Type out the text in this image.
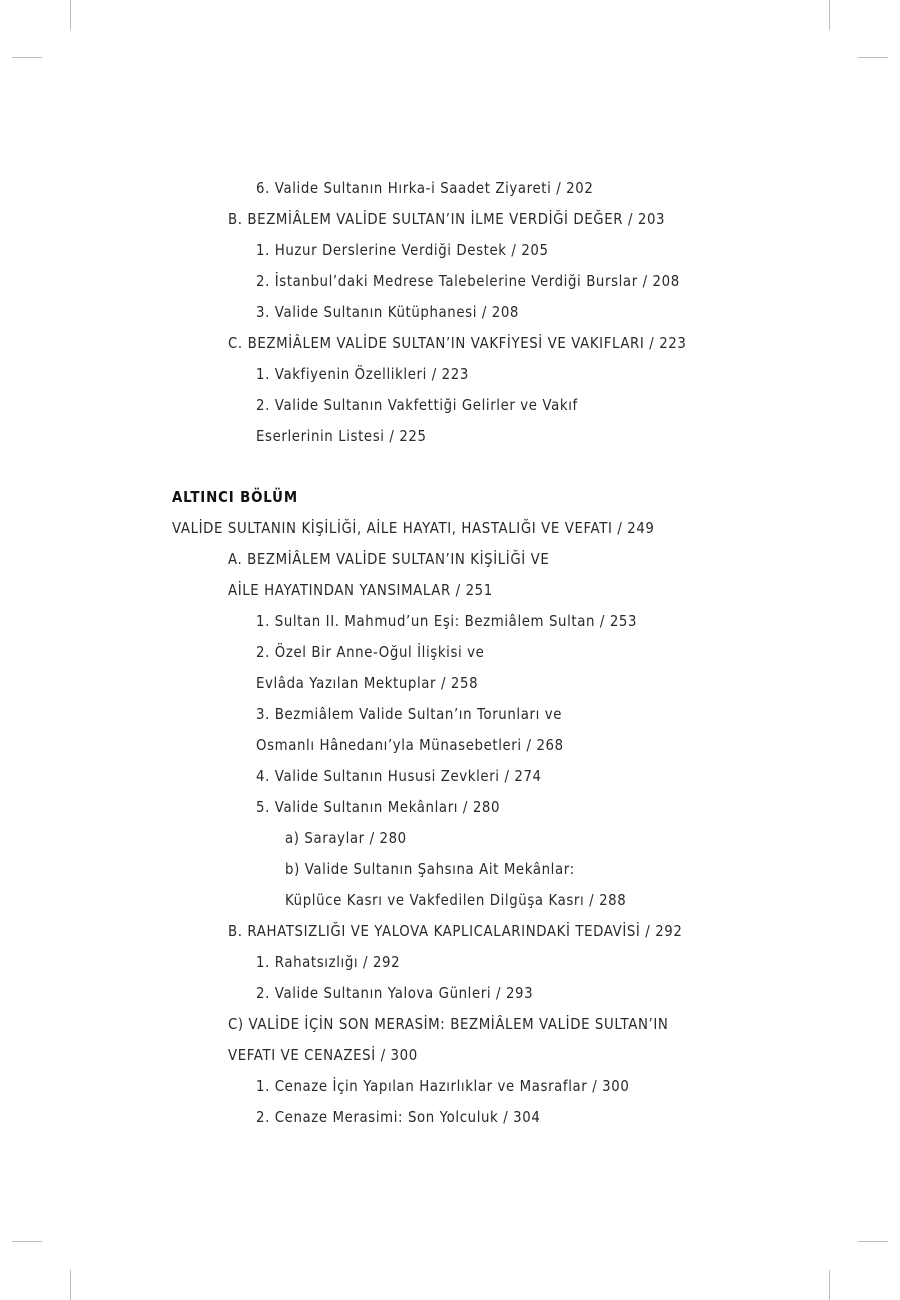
6. Valide Sultanın Hırka-i Saadet Ziyareti / 202
B. BEZMİÂLEM VALİDE SULTAN’IN İLME VERDİĞİ DEĞER / 203
1. Huzur Derslerine Verdiği Destek / 205
2. İstanbul’daki Medrese Talebelerine Verdiği Burslar / 208
3. Valide Sultanın Kütüphanesi / 208
C. BEZMİÂLEM VALİDE SULTAN’IN VAKFİYESİ VE VAKIFLARI / 223
1. Vakfiyenin Özellikleri / 223
2. Valide Sultanın Vakfettiği Gelirler ve Vakıf
Eserlerinin Listesi / 225
ALTINCI BÖLÜM
VALİDE SULTANIN KİŞİLİĞİ, AİLE HAYATI, HASTALIĞI VE VEFATI / 249
A. BEZMİÂLEM VALİDE SULTAN’IN KİŞİLİĞİ VE
AİLE HAYATINDAN YANSIMALAR / 251
1. Sultan II. Mahmud’un Eşi: Bezmiâlem Sultan / 253
2. Özel Bir Anne-Oğul İlişkisi ve
Evlâda Yazılan Mektuplar / 258
3. Bezmiâlem Valide Sultan’ın Torunları ve
Osmanlı Hânedanı’yla Münasebetleri / 268
4. Valide Sultanın Hususi Zevkleri / 274
5. Valide Sultanın Mekânları / 280
a) Saraylar / 280
b) Valide Sultanın Şahsına Ait Mekânlar:
Küplüce Kasrı ve Vakfedilen Dilgüşa Kasrı / 288
B. RAHATSIZLIĞI VE YALOVA KAPLICALARINDAKİ TEDAVİSİ / 292
1. Rahatsızlığı / 292
2. Valide Sultanın Yalova Günleri / 293
C) VALİDE İÇİN SON MERASİM: BEZMİÂLEM VALİDE SULTAN’IN
VEFATI VE CENAZESİ / 300
1. Cenaze İçin Yapılan Hazırlıklar ve Masraflar / 300
2. Cenaze Merasimi: Son Yolculuk / 304
